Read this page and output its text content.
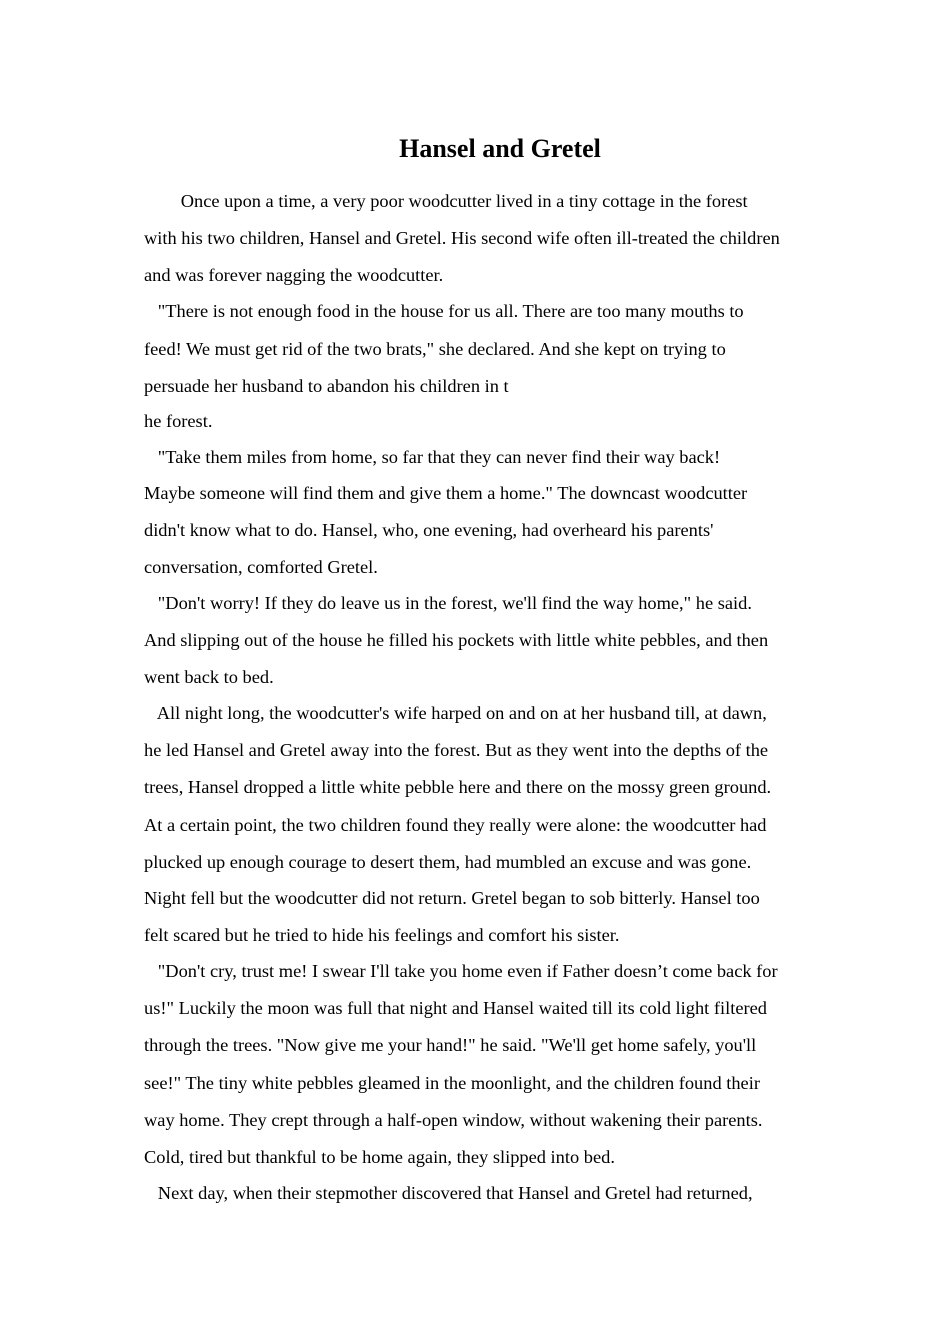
Hansel and Gretel
Once upon a time, a very poor woodcutter lived in a tiny cottage in the forest
with his two children, Hansel and Gretel. His second wife often ill-treated the children
and was forever nagging the woodcutter.
"There is not enough food in the house for us all. There are too many mouths to
feed! We must get rid of the two brats," she declared. And she kept on trying to
persuade her husband to abandon his children in t
he forest.
"Take them miles from home, so far that they can never find their way back!
Maybe someone will find them and give them a home." The downcast woodcutter
didn't know what to do. Hansel, who, one evening, had overheard his parents'
conversation, comforted Gretel.
"Don't worry! If they do leave us in the forest, we'll find the way home," he said.
And slipping out of the house he filled his pockets with little white pebbles, and then
went back to bed.
All night long, the woodcutter's wife harped on and on at her husband till, at dawn,
he led Hansel and Gretel away into the forest. But as they went into the depths of the
trees, Hansel dropped a little white pebble here and there on the mossy green ground.
At a certain point, the two children found they really were alone: the woodcutter had
plucked up enough courage to desert them, had mumbled an excuse and was gone.
Night fell but the woodcutter did not return. Gretel began to sob bitterly. Hansel too
felt scared but he tried to hide his feelings and comfort his sister.
"Don't cry, trust me! I swear I'll take you home even if Father doesn’t come back for
us!" Luckily the moon was full that night and Hansel waited till its cold light filtered
through the trees. "Now give me your hand!" he said. "We'll get home safely, you'll
see!" The tiny white pebbles gleamed in the moonlight, and the children found their
way home. They crept through a half-open window, without wakening their parents.
Cold, tired but thankful to be home again, they slipped into bed.
Next day, when their stepmother discovered that Hansel and Gretel had returned,
